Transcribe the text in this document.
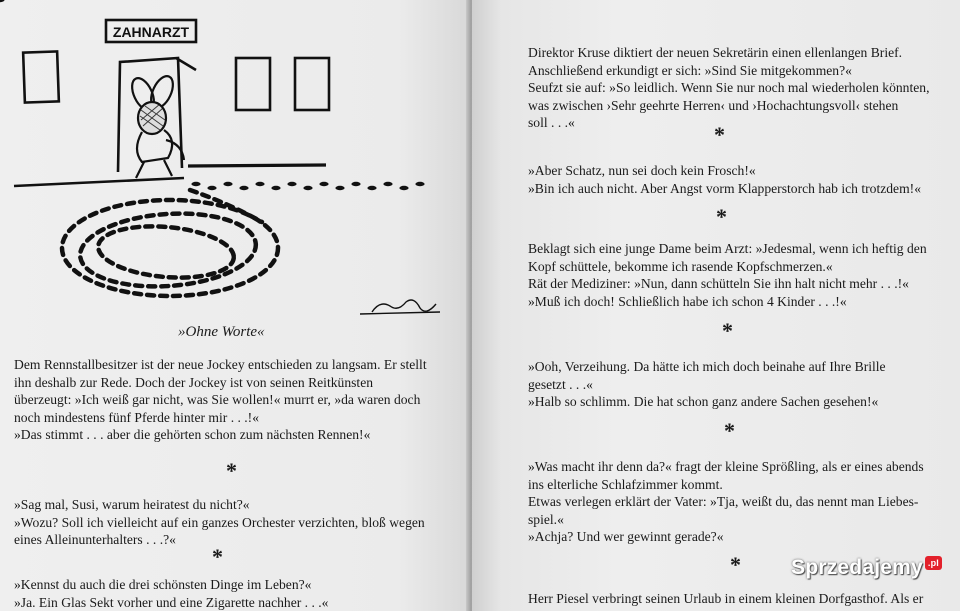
ZAHNARZT
franku
»Ohne Worte«

Dem Rennstallbesitzer ist der neue Jockey entschieden zu langsam. Er stellt

ihn deshalb zur Rede. Doch der Jockey ist von seinen Reitkünsten

überzeugt: »Ich weiß gar nicht, was Sie wollen!« murrt er, »da waren doch

noch mindestens fünf Pferde hinter mir . . .!«

»Das stimmt . . . aber die gehörten schon zum nächsten Rennen!«

*

»Sag mal, Susi, warum heiratest du nicht?«

»Wozu? Soll ich vielleicht auf ein ganzes Orchester verzichten, bloß wegen

eines Alleinunterhalters . . .?«

*

»Kennst du auch die drei schönsten Dinge im Leben?«

»Ja. Ein Glas Sekt vorher und eine Zigarette nachher . . .«

Direktor Kruse diktiert der neuen Sekretärin einen ellenlangen Brief.

Anschließend erkundigt er sich: »Sind Sie mitgekommen?«

Seufzt sie auf: »So leidlich. Wenn Sie nur noch mal wiederholen könnten,

was zwischen ›Sehr geehrte Herren‹ und ›Hochachtungsvoll‹ stehen

soll . . .«	*

»Aber Schatz, nun sei doch kein Frosch!«

»Bin ich auch nicht. Aber Angst vorm Klapperstorch hab ich trotzdem!«

*

Beklagt sich eine junge Dame beim Arzt: »Jedesmal, wenn ich heftig den

Kopf schüttele, bekomme ich rasende Kopfschmerzen.«

Rät der Mediziner: »Nun, dann schütteln Sie ihn halt nicht mehr . . .!«

»Muß ich doch! Schließlich habe ich schon 4 Kinder . . .!«

*

»Ooh, Verzeihung. Da hätte ich mich doch beinahe auf Ihre Brille

gesetzt . . .«

»Halb so schlimm. Die hat schon ganz andere Sachen gesehen!«

*

»Was macht ihr denn da?« fragt der kleine Sprößling, als er eines abends

ins elterliche Schlafzimmer kommt.

Etwas verlegen erklärt der Vater: »Tja, weißt du, das nennt man Liebes-

spiel.«

»Achja? Und wer gewinnt gerade?«

*

Herr Piesel verbringt seinen Urlaub in einem kleinen Dorfgasthof. Als er

Sprzedajemy .pl
